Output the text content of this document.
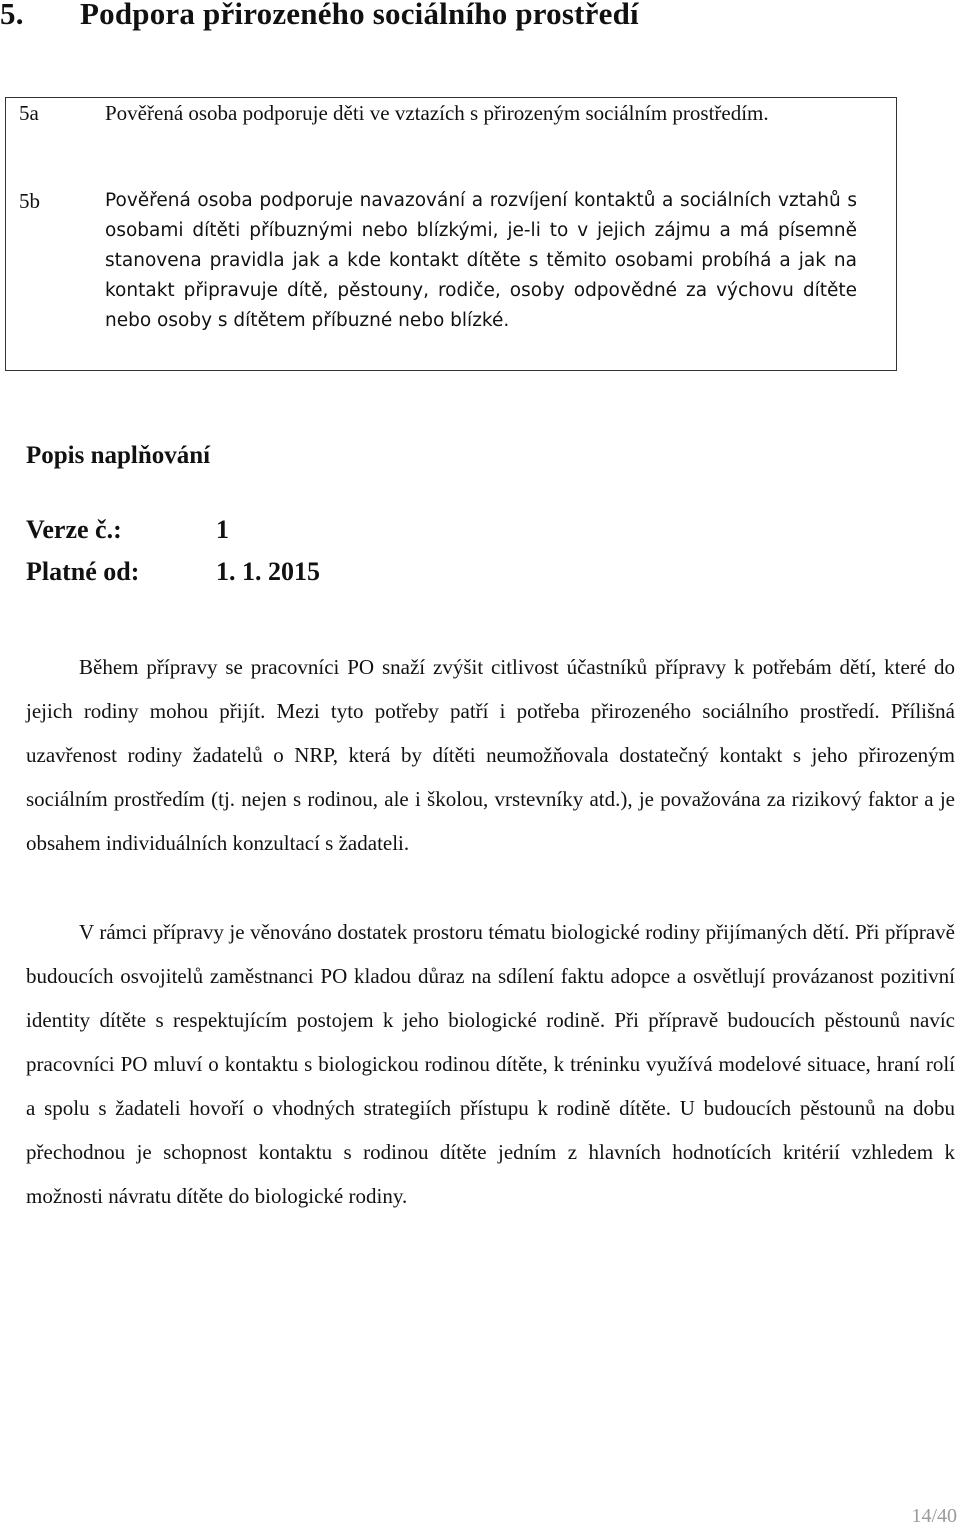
5. Podpora přirozeného sociálního prostředí
5a	Pověřená osoba podporuje děti ve vztazích s přirozeným sociálním prostředím.
5b	Pověřená osoba podporuje navazování a rozvíjení kontaktů a sociálních vztahů s osobami dítěti příbuznými nebo blízkými, je-li to v jejich zájmu a má písemně stanovena pravidla jak a kde kontakt dítěte s těmito osobami probíhá a jak na kontakt připravuje dítě, pěstouny, rodiče, osoby odpovědné za výchovu dítěte nebo osoby s dítětem příbuzné nebo blízké.
Popis naplňování
Verze č.:	1
Platné od:	1. 1. 2015

Během přípravy se pracovníci PO snaží zvýšit citlivost účastníků přípravy k potřebám dětí, které do jejich rodiny mohou přijít. Mezi tyto potřeby patří i potřeba přirozeného sociálního prostředí. Přílišná uzavřenost rodiny žadatelů o NRP, která by dítěti neumožňovala dostatečný kontakt s jeho přirozeným sociálním prostředím (tj. nejen s rodinou, ale i školou, vrstevníky atd.), je považována za rizikový faktor a je obsahem individuálních konzultací s žadateli.

V rámci přípravy je věnováno dostatek prostoru tématu biologické rodiny přijímaných dětí. Při přípravě budoucích osvojitelů zaměstnanci PO kladou důraz na sdílení faktu adopce a osvětlují provázanost pozitivní identity dítěte s respektujícím postojem k jeho biologické rodině. Při přípravě budoucích pěstounů navíc pracovníci PO mluví o kontaktu s biologickou rodinou dítěte, k tréninku využívá modelové situace, hraní rolí a spolu s žadateli hovoří o vhodných strategiích přístupu k rodině dítěte. U budoucích pěstounů na dobu přechodnou je schopnost kontaktu s rodinou dítěte jedním z hlavních hodnotících kritérií vzhledem k možnosti návratu dítěte do biologické rodiny.

14/40
